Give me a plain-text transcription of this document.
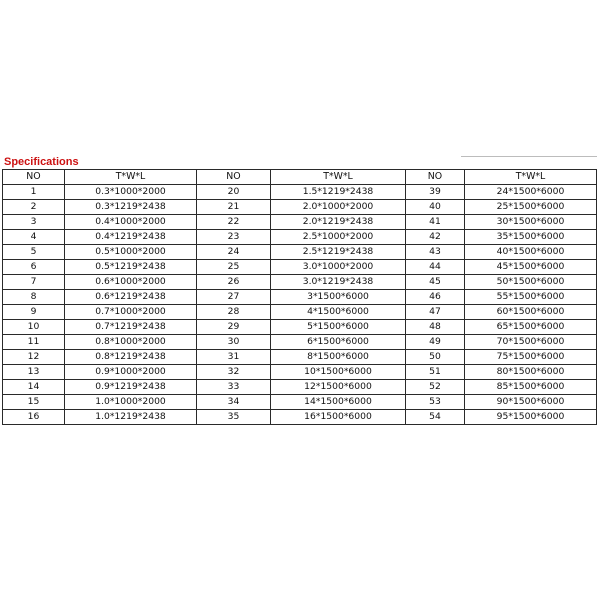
Specifications
NO	T*W*L	NO	T*W*L	NO	T*W*L
1	0.3*1000*2000	20	1.5*1219*2438	39	24*1500*6000
2	0.3*1219*2438	21	2.0*1000*2000	40	25*1500*6000
3	0.4*1000*2000	22	2.0*1219*2438	41	30*1500*6000
4	0.4*1219*2438	23	2.5*1000*2000	42	35*1500*6000
5	0.5*1000*2000	24	2.5*1219*2438	43	40*1500*6000
6	0.5*1219*2438	25	3.0*1000*2000	44	45*1500*6000
7	0.6*1000*2000	26	3.0*1219*2438	45	50*1500*6000
8	0.6*1219*2438	27	3*1500*6000	46	55*1500*6000
9	0.7*1000*2000	28	4*1500*6000	47	60*1500*6000
10	0.7*1219*2438	29	5*1500*6000	48	65*1500*6000
11	0.8*1000*2000	30	6*1500*6000	49	70*1500*6000
12	0.8*1219*2438	31	8*1500*6000	50	75*1500*6000
13	0.9*1000*2000	32	10*1500*6000	51	80*1500*6000
14	0.9*1219*2438	33	12*1500*6000	52	85*1500*6000
15	1.0*1000*2000	34	14*1500*6000	53	90*1500*6000
16	1.0*1219*2438	35	16*1500*6000	54	95*1500*6000
